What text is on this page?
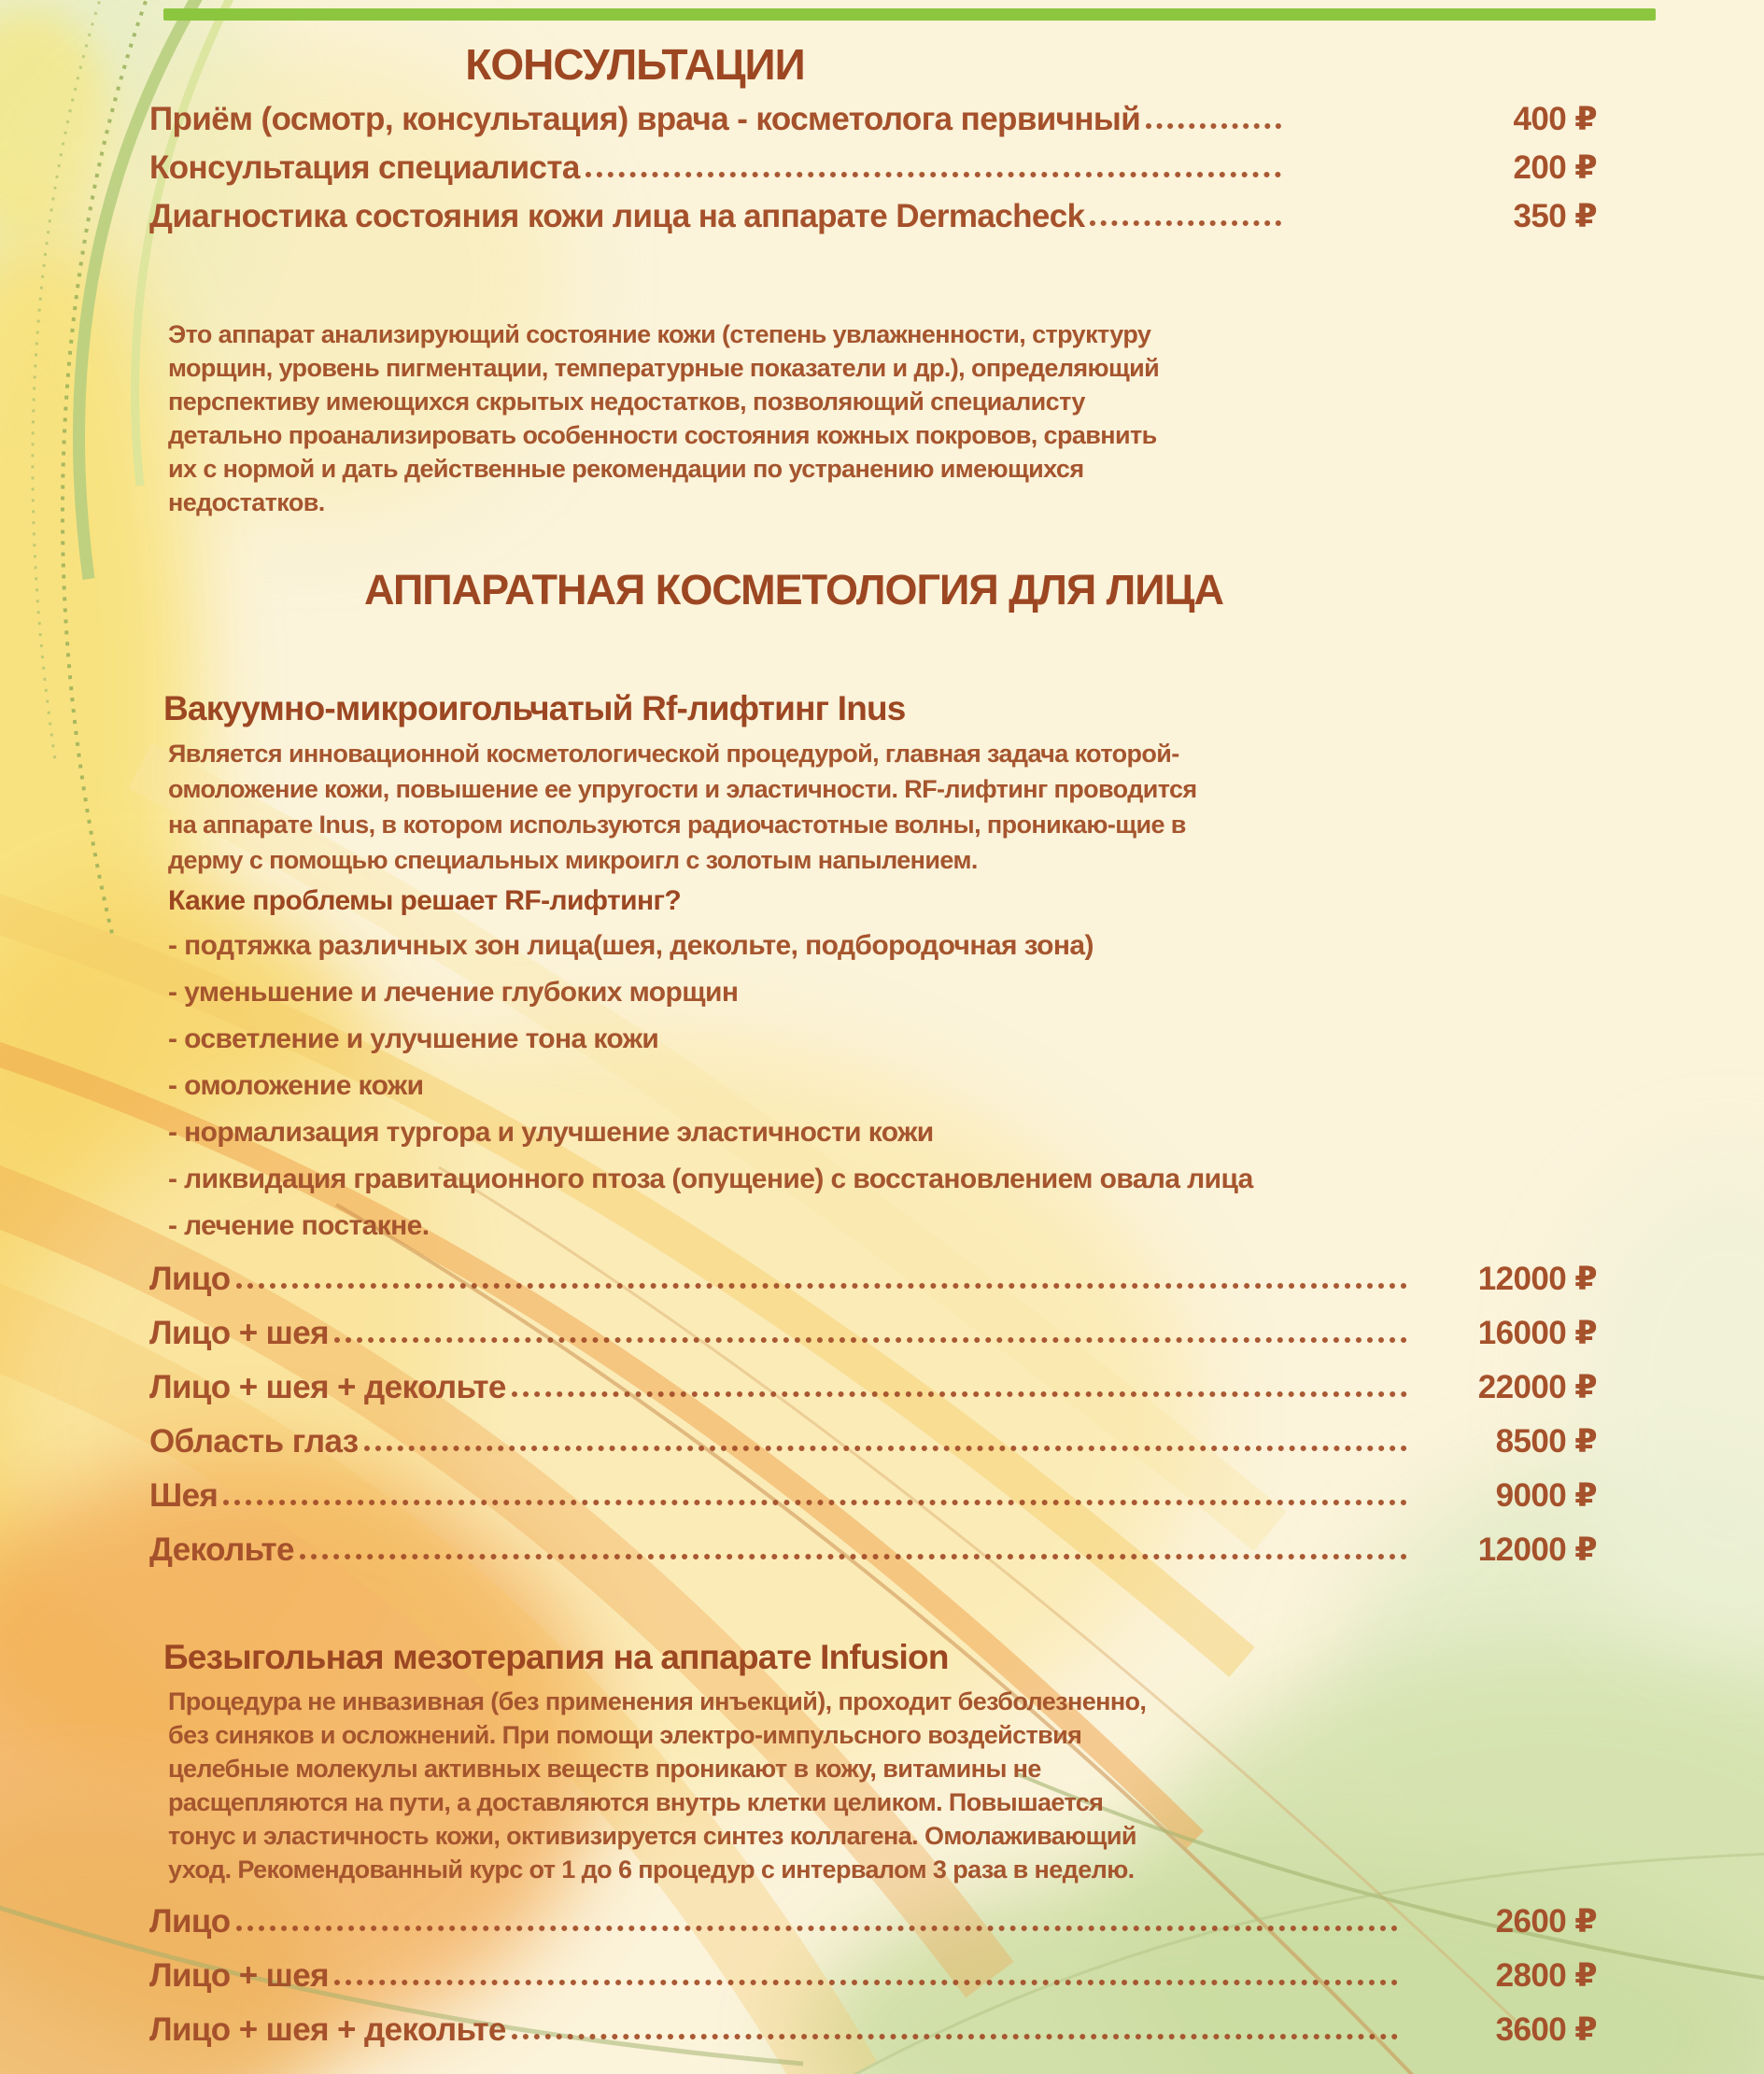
КОНСУЛЬТАЦИИ
Приём (осмотр, консультация) врача - косметолога первичный	400 ₽
Консультация специалиста	200 ₽
Диагностика состояния кожи лица на аппарате Dermacheck	350 ₽
Это аппарат анализирующий состояние кожи (степень увлажненности, структуру морщин, уровень пигментации, температурные показатели и др.), определяющий перспективу имеющихся скрытых недостатков, позволяющий специалисту детально проанализировать особенности состояния кожных покровов, сравнить их с нормой и дать действенные рекомендации по устранению имеющихся недостатков.
АППАРАТНАЯ КОСМЕТОЛОГИЯ ДЛЯ ЛИЦА
Вакуумно-микроигольчатый Rf-лифтинг Inus
Является инновационной косметологической процедурой, главная задача которой- омоложение кожи, повышение ее упругости и эластичности. RF-лифтинг проводится на аппарате Inus, в котором используются радиочастотные волны, проникаю-щие в дерму с помощью специальных микроигл с золотым напылением.
Какие проблемы решает RF-лифтинг?
- подтяжка различных зон лица(шея, декольте, подбородочная зона)
- уменьшение и лечение глубоких морщин
- осветление и улучшение тона кожи
- омоложение кожи
- нормализация тургора и улучшение эластичности кожи
- ликвидация гравитационного птоза (опущение) с восстановлением овала лица
- лечение постакне.
Лицо	12000 ₽
Лицо + шея	16000 ₽
Лицо + шея + декольте	22000 ₽
Область глаз	8500 ₽
Шея	9000 ₽
Декольте	12000 ₽
Безыгольная мезотерапия на аппарате Infusion
Процедура не инвазивная (без применения инъекций), проходит безболезненно, без синяков и осложнений. При помощи электро-импульсного воздействия целебные молекулы активных веществ проникают в кожу, витамины не расщепляются на пути, а доставляются внутрь клетки целиком. Повышается тонус и эластичность кожи, октивизируется синтез коллагена. Омолаживающий уход. Рекомендованный курс от 1 до 6 процедур с интервалом 3 раза в неделю.
Лицо	2600 ₽
Лицо + шея	2800 ₽
Лицо + шея + декольте	3600 ₽
